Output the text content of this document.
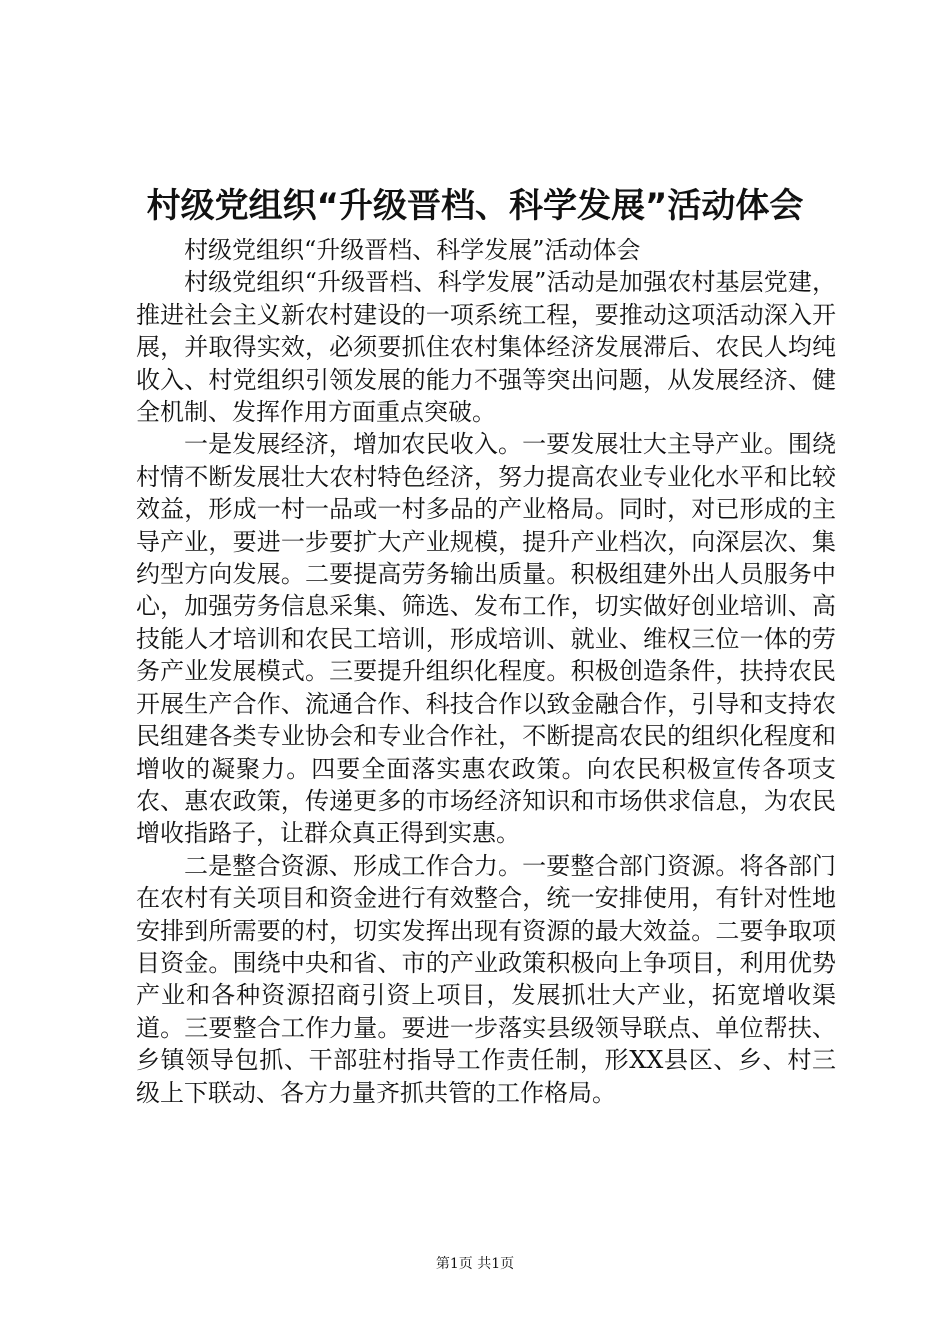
村级党组织“升级晋档、科学发展”活动体会

村级党组织“升级晋档、科学发展”活动体会

村级党组织“升级晋档、科学发展”活动是加强农村基层党建，推进社会主义新农村建设的一项系统工程，要推动这项活动深入开展，并取得实效，必须要抓住农村集体经济发展滞后、农民人均纯收入、村党组织引领发展的能力不强等突出问题，从发展经济、健全机制、发挥作用方面重点突破。

一是发展经济，增加农民收入。一要发展壮大主导产业。围绕村情不断发展壮大农村特色经济，努力提高农业专业化水平和比较效益，形成一村一品或一村多品的产业格局。同时，对已形成的主导产业，要进一步要扩大产业规模，提升产业档次，向深层次、集约型方向发展。二要提高劳务输出质量。积极组建外出人员服务中心，加强劳务信息采集、筛选、发布工作，切实做好创业培训、高技能人才培训和农民工培训，形成培训、就业、维权三位一体的劳务产业发展模式。三要提升组织化程度。积极创造条件，扶持农民开展生产合作、流通合作、科技合作以致金融合作，引导和支持农民组建各类专业协会和专业合作社，不断提高农民的组织化程度和增收的凝聚力。四要全面落实惠农政策。向农民积极宣传各项支农、惠农政策，传递更多的市场经济知识和市场供求信息，为农民增收指路子，让群众真正得到实惠。

二是整合资源、形成工作合力。一要整合部门资源。将各部门在农村有关项目和资金进行有效整合，统一安排使用，有针对性地安排到所需要的村，切实发挥出现有资源的最大效益。二要争取项目资金。围绕中央和省、市的产业政策积极向上争项目，利用优势产业和各种资源招商引资上项目，发展抓壮大产业，拓宽增收渠道。三要整合工作力量。要进一步落实县级领导联点、单位帮扶、乡镇领导包抓、干部驻村指导工作责任制，形XX县区、乡、村三级上下联动、各方力量齐抓共管的工作格局。

第1页 共1页
